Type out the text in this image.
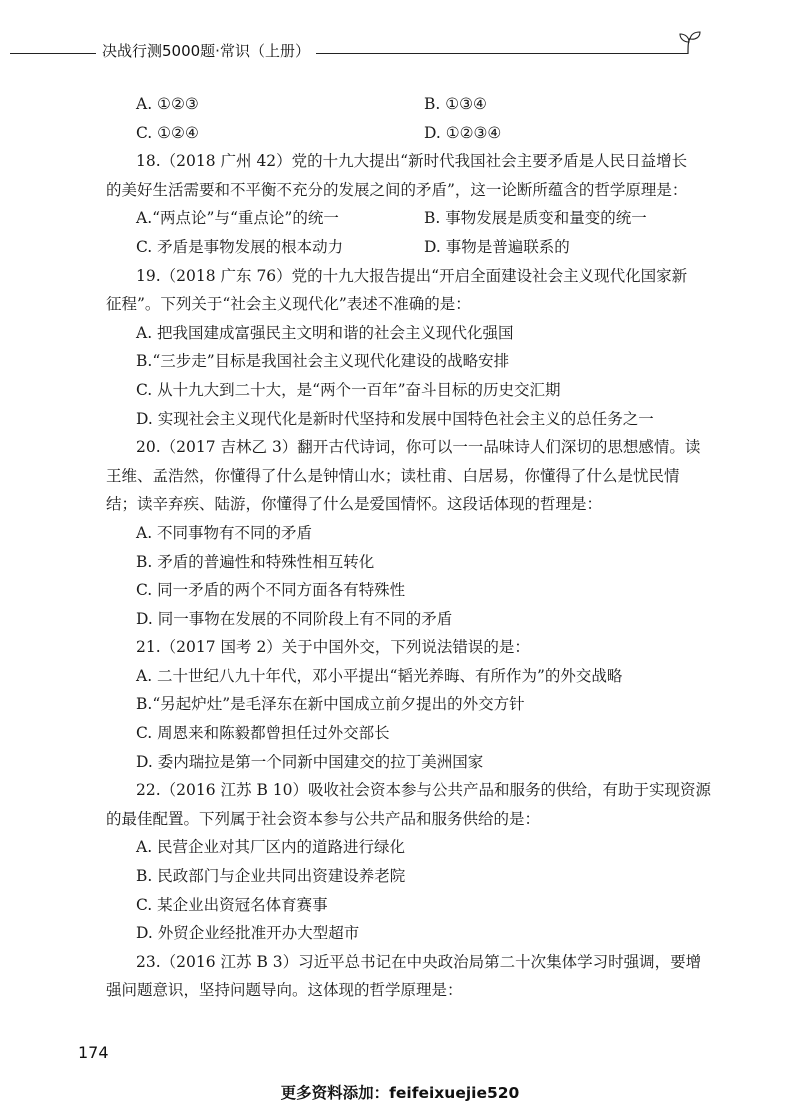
决战行测5000题·常识（上册）
A. ①②③	B. ①③④
C. ①②④	D. ①②③④
18.（2018 广州 42）党的十九大提出“新时代我国社会主要矛盾是人民日益增长
的美好生活需要和不平衡不充分的发展之间的矛盾”，这一论断所蕴含的哲学原理是：
A.“两点论”与“重点论”的统一	B. 事物发展是质变和量变的统一
C. 矛盾是事物发展的根本动力	D. 事物是普遍联系的
19.（2018 广东 76）党的十九大报告提出“开启全面建设社会主义现代化国家新
征程”。下列关于“社会主义现代化”表述不准确的是：
A. 把我国建成富强民主文明和谐的社会主义现代化强国
B.“三步走”目标是我国社会主义现代化建设的战略安排
C. 从十九大到二十大，是“两个一百年”奋斗目标的历史交汇期
D. 实现社会主义现代化是新时代坚持和发展中国特色社会主义的总任务之一
20.（2017 吉林乙 3）翻开古代诗词，你可以一一品味诗人们深切的思想感情。读
王维、孟浩然，你懂得了什么是钟情山水；读杜甫、白居易，你懂得了什么是忧民情
结；读辛弃疾、陆游，你懂得了什么是爱国情怀。这段话体现的哲理是：
A. 不同事物有不同的矛盾
B. 矛盾的普遍性和特殊性相互转化
C. 同一矛盾的两个不同方面各有特殊性
D. 同一事物在发展的不同阶段上有不同的矛盾
21.（2017 国考 2）关于中国外交，下列说法错误的是：
A. 二十世纪八九十年代，邓小平提出“韬光养晦、有所作为”的外交战略
B.“另起炉灶”是毛泽东在新中国成立前夕提出的外交方针
C. 周恩来和陈毅都曾担任过外交部长
D. 委内瑞拉是第一个同新中国建交的拉丁美洲国家
22.（2016 江苏 B 10）吸收社会资本参与公共产品和服务的供给，有助于实现资源
的最佳配置。下列属于社会资本参与公共产品和服务供给的是：
A. 民营企业对其厂区内的道路进行绿化
B. 民政部门与企业共同出资建设养老院
C. 某企业出资冠名体育赛事
D. 外贸企业经批准开办大型超市
23.（2016 江苏 B 3）习近平总书记在中央政治局第二十次集体学习时强调，要增
强问题意识，坚持问题导向。这体现的哲学原理是：
174
更多资料添加：feifeixuejie520
